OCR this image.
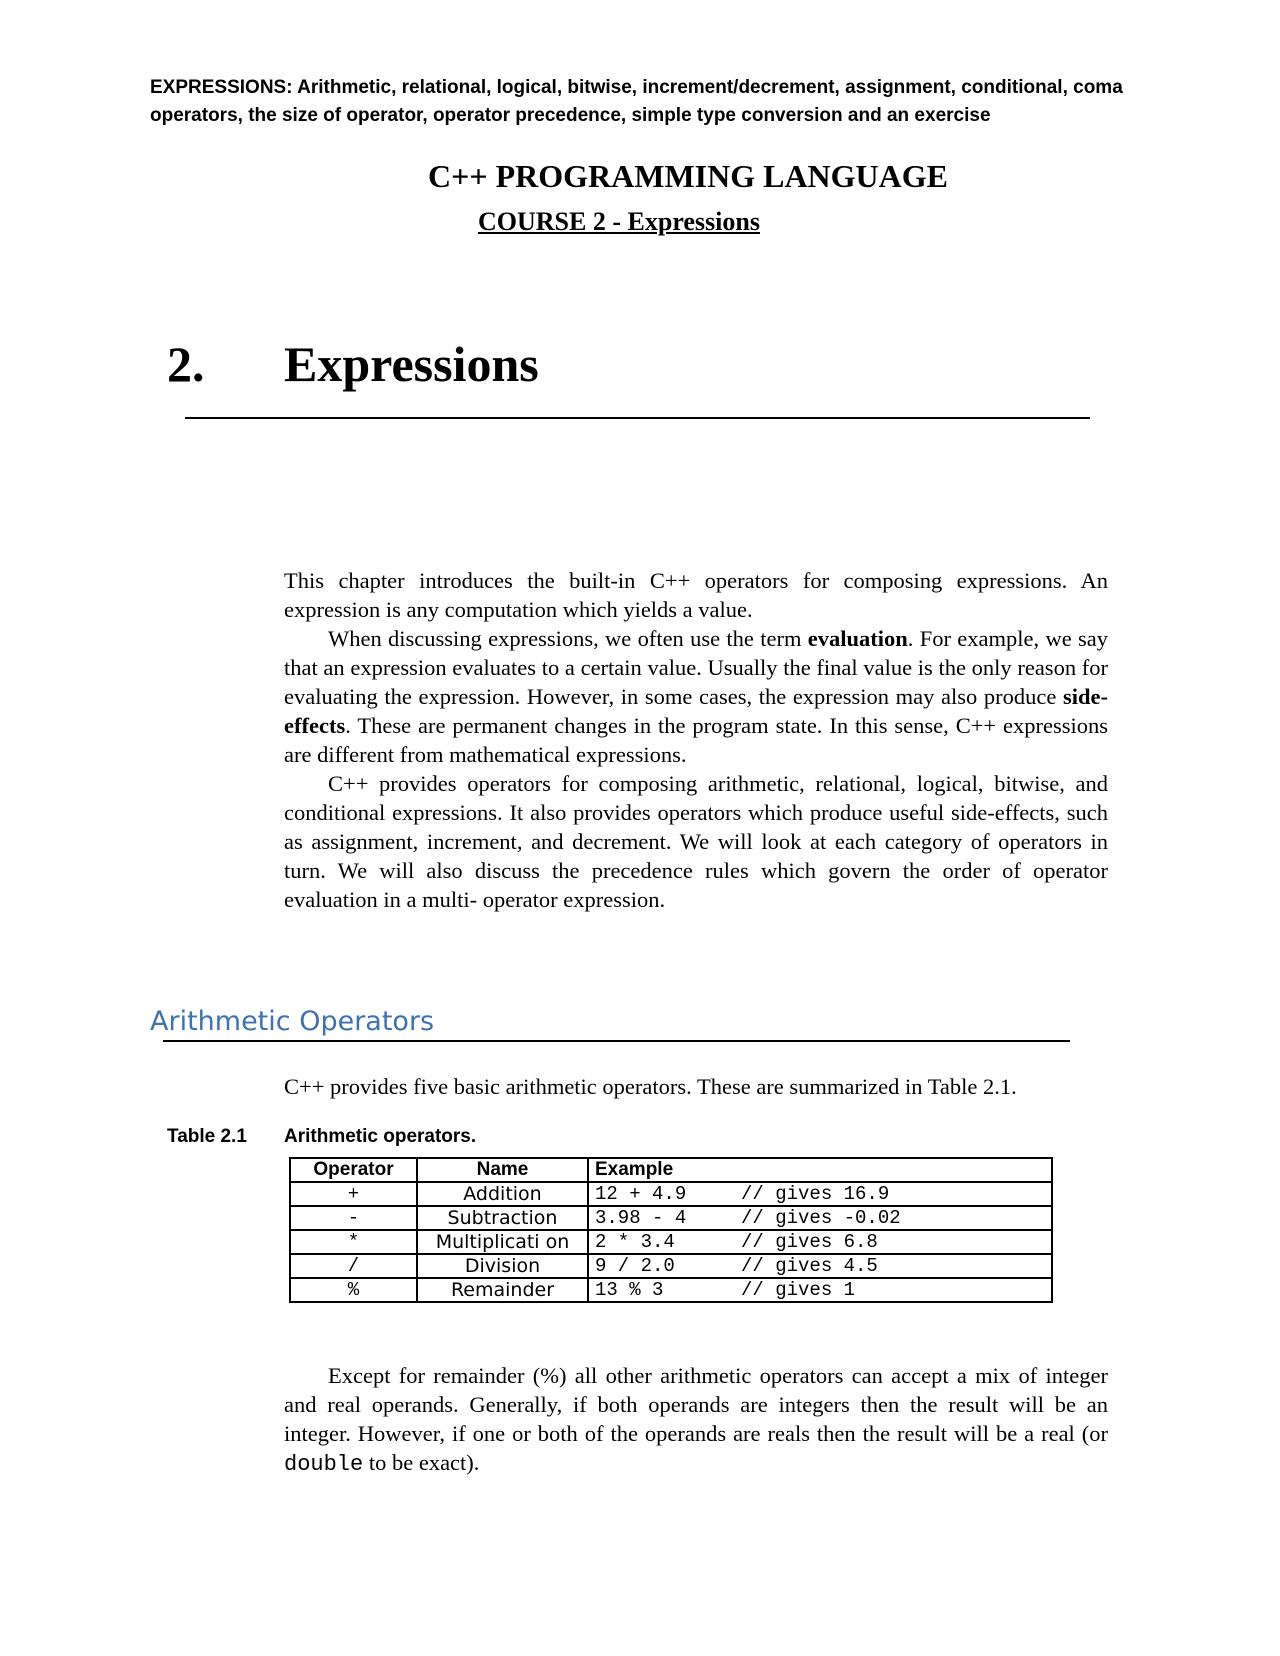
EXPRESSIONS: Arithmetic, relational, logical, bitwise, increment/decrement, assignment, conditional, coma operators, the size of operator, operator precedence, simple type conversion and an exercise
C++ PROGRAMMING LANGUAGE
COURSE 2 - Expressions
2. Expressions

This chapter introduces the built-in C++ operators for composing expressions. An expression is any computation which yields a value.

When discussing expressions, we often use the term evaluation. For example, we say that an expression evaluates to a certain value. Usually the final value is the only reason for evaluating the expression. However, in some cases, the expression may also produce side-effects. These are permanent changes in the program state. In this sense, C++ expressions are different from mathematical expressions.

C++ provides operators for composing arithmetic, relational, logical, bitwise, and conditional expressions. It also provides operators which produce useful side-effects, such as assignment, increment, and decrement. We will look at each category of operators in turn. We will also discuss the precedence rules which govern the order of operator evaluation in a multi- operator expression.

Arithmetic Operators

C++ provides five basic arithmetic operators. These are summarized in Table 2.1.

Table 2.1 Arithmetic operators.
Operator	Name	Example
+	Addition	12 + 4.9 // gives 16.9
-	Subtraction	3.98 - 4 // gives -0.02
*	Multiplicati on	2 * 3.4 // gives 6.8
/	Division	9 / 2.0 // gives 4.5
%	Remainder	13 % 3 // gives 1

Except for remainder (%) all other arithmetic operators can accept a mix of integer and real operands. Generally, if both operands are integers then the result will be an integer. However, if one or both of the operands are reals then the result will be a real (or double to be exact).
